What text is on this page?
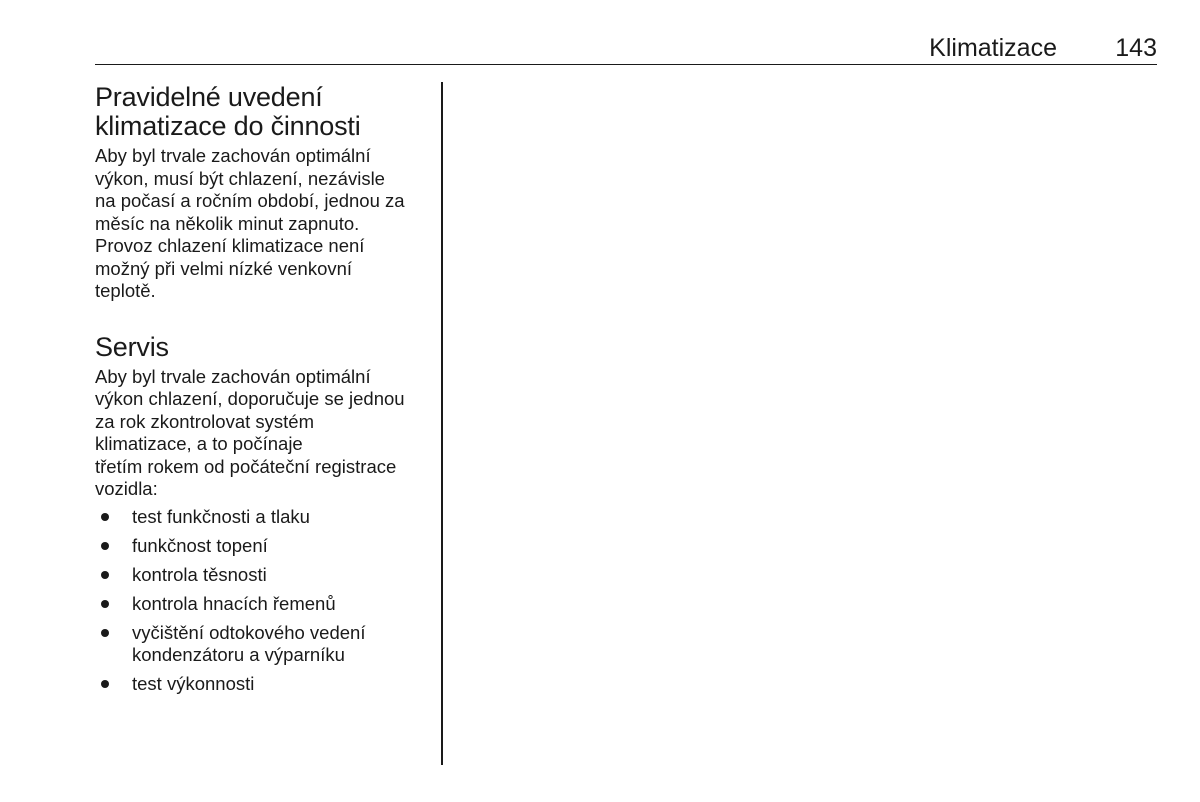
Klimatizace 143
Pravidelné uvedení
klimatizace do činnosti

Aby byl trvale zachován optimální
výkon, musí být chlazení, nezávisle
na počasí a ročním období, jednou za
měsíc na několik minut zapnuto.
Provoz chlazení klimatizace není
možný při velmi nízké venkovní
teplotě.

Servis

Aby byl trvale zachován optimální
výkon chlazení, doporučuje se jednou
za rok zkontrolovat systém
klimatizace, a to počínaje
třetím rokem od počáteční registrace
vozidla:

test funkčnosti a tlaku
funkčnost topení
kontrola těsnosti
kontrola hnacích řemenů
vyčištění odtokového vedení
kondenzátoru a výparníku
test výkonnosti
